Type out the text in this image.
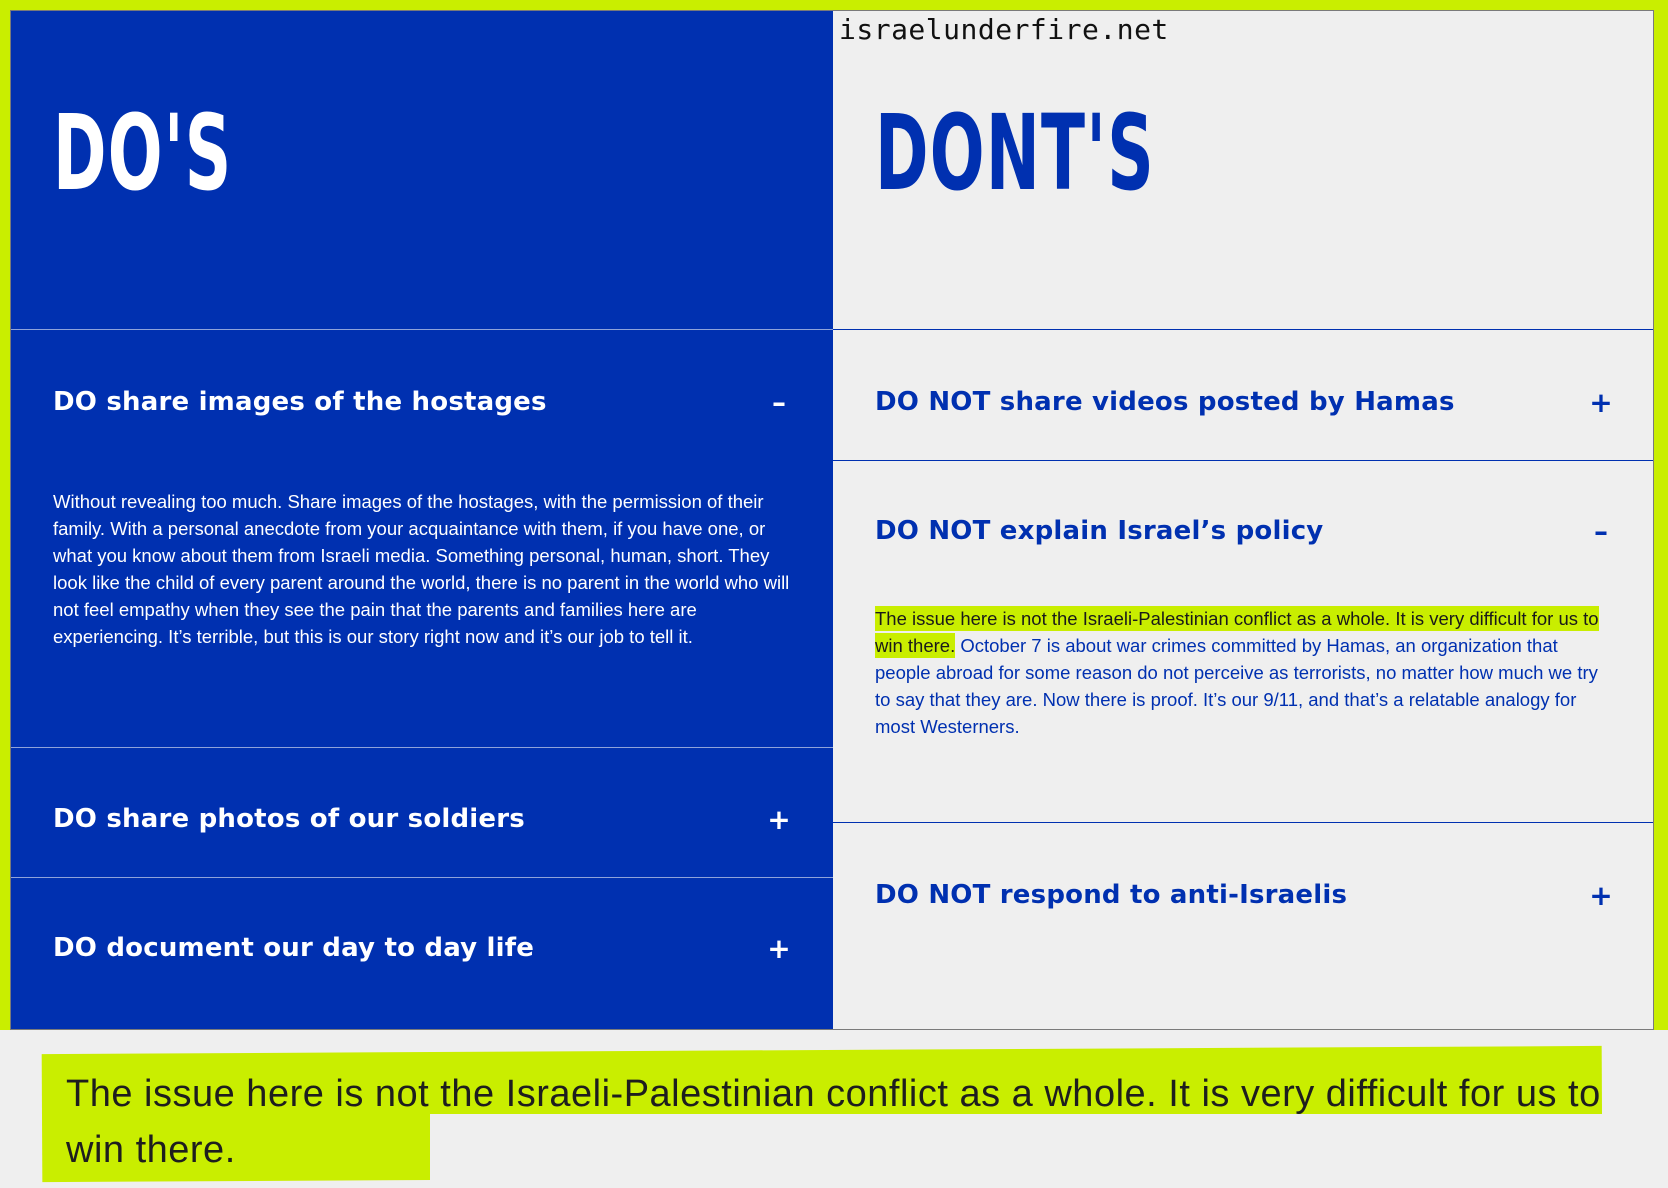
DO'S
DO share images of the hostages	–
Without revealing too much. Share images of the hostages, with the permission of their family. With a personal anecdote from your acquaintance with them, if you have one, or what you know about them from Israeli media. Something personal, human, short. They look like the child of every parent around the world, there is no parent in the world who will not feel empathy when they see the pain that the parents and families here are experiencing. It’s terrible, but this is our story right now and it’s our job to tell it.
DO share photos of our soldiers	+
DO document our day to day life	+
israelunderfire.net
DONT'S
DO NOT share videos posted by Hamas	+
DO NOT explain Israel’s policy	–
The issue here is not the Israeli-Palestinian conflict as a whole. It is very difficult for us to win there. October 7 is about war crimes committed by Hamas, an organization that people abroad for some reason do not perceive as terrorists, no matter how much we try to say that they are. Now there is proof. It’s our 9/11, and that’s a relatable analogy for most Westerners.
DO NOT respond to anti-Israelis	+
The issue here is not the Israeli-Palestinian conflict as a whole. It is very difficult for us to win there.
